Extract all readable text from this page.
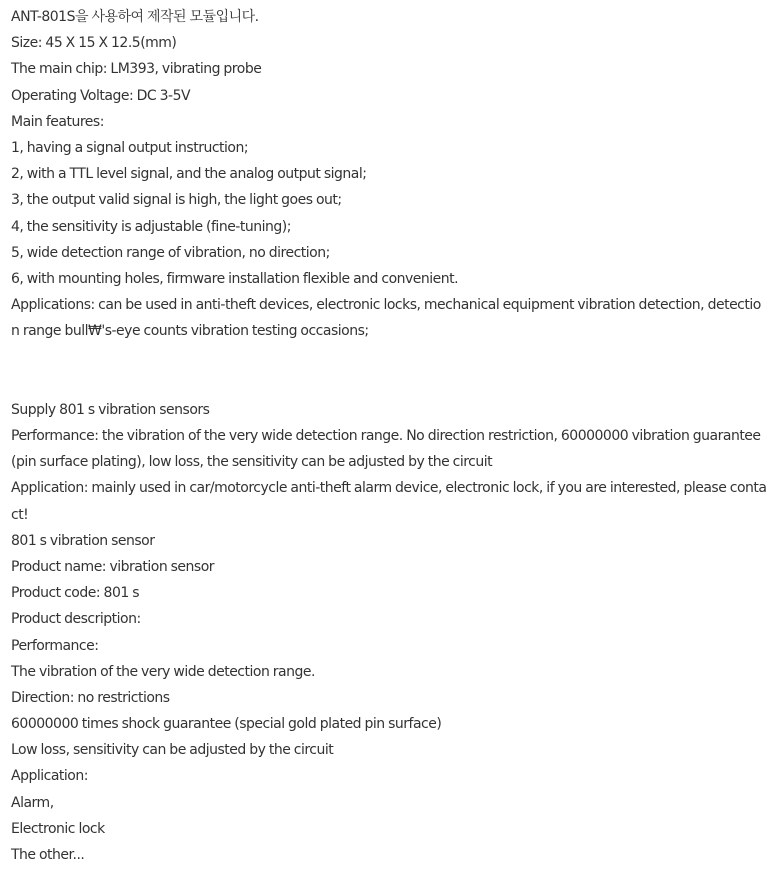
ANT-801S을 사용하여 제작된 모듈입니다.
Size: 45 X 15 X 12.5(mm)
The main chip: LM393, vibrating probe
Operating Voltage: DC 3-5V
Main features:
1, having a signal output instruction;
2, with a TTL level signal, and the analog output signal;
3, the output valid signal is high, the light goes out;
4, the sensitivity is adjustable (fine-tuning);
5, wide detection range of vibration, no direction;
6, with mounting holes, firmware installation flexible and convenient.
Applications: can be used in anti-theft devices, electronic locks, mechanical equipment vibration detection, detectio
n range bull₩'s-eye counts vibration testing occasions;
Supply 801 s vibration sensors
Performance: the vibration of the very wide detection range. No direction restriction, 60000000 vibration guarantee
(pin surface plating), low loss, the sensitivity can be adjusted by the circuit
Application: mainly used in car/motorcycle anti-theft alarm device, electronic lock, if you are interested, please conta
ct!
801 s vibration sensor
Product name: vibration sensor
Product code: 801 s
Product description:
Performance:
The vibration of the very wide detection range.
Direction: no restrictions
60000000 times shock guarantee (special gold plated pin surface)
Low loss, sensitivity can be adjusted by the circuit
Application:
Alarm,
Electronic lock
The other...
